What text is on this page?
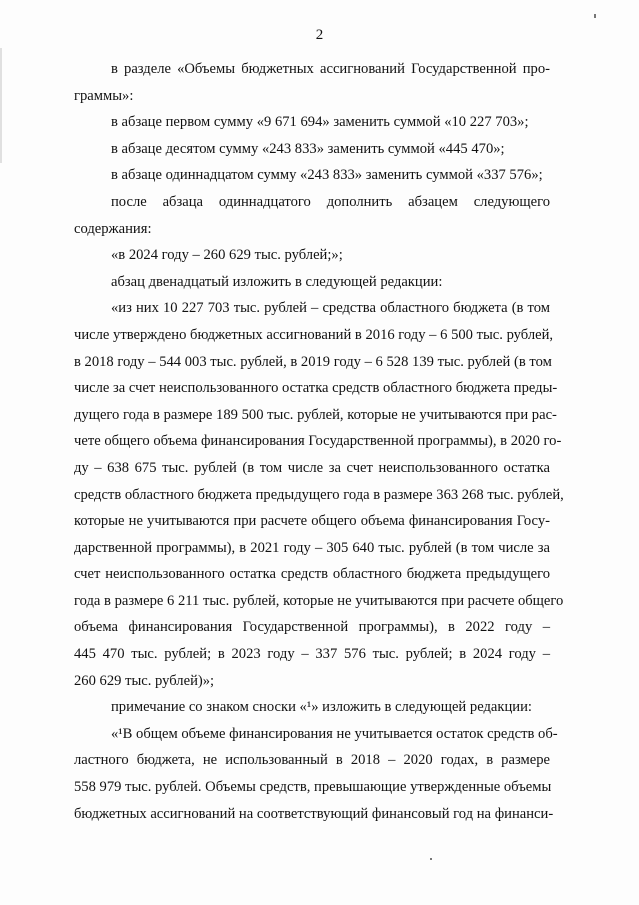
2
в разделе «Объемы бюджетных ассигнований Государственной про-
граммы»:
в абзаце первом сумму «9 671 694» заменить суммой «10 227 703»;
в абзаце десятом сумму «243 833» заменить суммой «445 470»;
в абзаце одиннадцатом сумму «243 833» заменить суммой «337 576»;
после абзаца одиннадцатого дополнить абзацем следующего
содержания:
«в 2024 году – 260 629 тыс. рублей;»;
абзац двенадцатый изложить в следующей редакции:
«из них 10 227 703 тыс. рублей – средства областного бюджета (в том
числе утверждено бюджетных ассигнований в 2016 году – 6 500 тыс. рублей,
в 2018 году – 544 003 тыс. рублей, в 2019 году – 6 528 139 тыс. рублей (в том
числе за счет неиспользованного остатка средств областного бюджета преды-
дущего года в размере 189 500 тыс. рублей, которые не учитываются при рас-
чете общего объема финансирования Государственной программы), в 2020 го-
ду – 638 675 тыс. рублей (в том числе за счет неиспользованного остатка
средств областного бюджета предыдущего года в размере 363 268 тыс. рублей,
которые не учитываются при расчете общего объема финансирования Госу-
дарственной программы), в 2021 году – 305 640 тыс. рублей (в том числе за
счет неиспользованного остатка средств областного бюджета предыдущего
года в размере 6 211 тыс. рублей, которые не учитываются при расчете общего
объема финансирования Государственной программы), в 2022 году –
445 470 тыс. рублей; в 2023 году – 337 576 тыс. рублей; в 2024 году –
260 629 тыс. рублей)»;
примечание со знаком сноски «¹» изложить в следующей редакции:
«¹В общем объеме финансирования не учитывается остаток средств об-
ластного бюджета, не использованный в 2018 – 2020 годах, в размере
558 979 тыс. рублей. Объемы средств, превышающие утвержденные объемы
бюджетных ассигнований на соответствующий финансовый год на финанси-
